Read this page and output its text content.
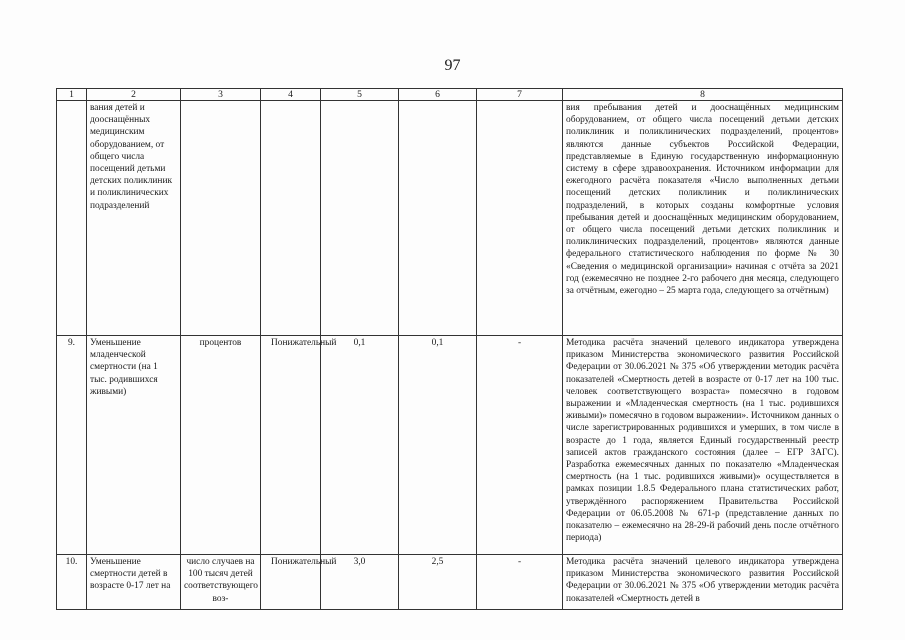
97
1	2	3	4	5	6	7	8
	вания детей и дооснащённых медицинским оборудованием, от общего числа посещений детьми детских поликлиник и поликлинических подразделений						вия пребывания детей и дооснащённых медицинским оборудованием, от общего числа посещений детьми детских поликлиник и поликлинических подразделений, процентов» являются данные субъектов Российской Федерации, представляемые в Единую государственную информационную систему в сфере здравоохранения. Источником информации для ежегодного расчёта показателя «Число выполненных детьми посещений детских поликлиник и поликлинических подразделений, в которых созданы комфортные условия пребывания детей и дооснащённых медицинским оборудованием, от общего числа посещений детьми детских поликлиник и поликлинических подразделений, процентов» являются данные федерального статистического наблюдения по форме № 30 «Сведения о медицинской организации» начиная с отчёта за 2021 год (ежемесячно не позднее 2-го рабочего дня месяца, следующего за отчётным, ежегодно – 25 марта года, следующего за отчётным)
9.	Уменьшение младенческой смертности (на 1 тыс. родившихся живыми)	процентов	Понижательный	0,1	0,1	-	Методика расчёта значений целевого индикатора утверждена приказом Министерства экономического развития Российской Федерации от 30.06.2021 № 375 «Об утверждении методик расчёта показателей «Смертность детей в возрасте от 0-17 лет на 100 тыс. человек соответствующего возраста» помесячно в годовом выражении и «Младенческая смертность (на 1 тыс. родившихся живыми)» помесячно в годовом выражении». Источником данных о числе зарегистрированных родившихся и умерших, в том числе в возрасте до 1 года, является Единый государственный реестр записей актов гражданского состояния (далее – ЕГР ЗАГС). Разработка ежемесячных данных по показателю «Младенческая смертность (на 1 тыс. родившихся живыми)» осуществляется в рамках позиции 1.8.5 Федерального плана статистических работ, утверждённого распоряжением Правительства Российской Федерации от 06.05.2008 № 671-р (представление данных по показателю – ежемесячно на 28-29-й рабочий день после отчётного периода)
10.	Уменьшение смертности детей в возрасте 0-17 лет на	число случаев на 100 тысяч детей соответствующего воз-	Понижательный	3,0	2,5	-	Методика расчёта значений целевого индикатора утверждена приказом Министерства экономического развития Российской Федерации от 30.06.2021 № 375 «Об утверждении методик расчёта показателей «Смертность детей в
